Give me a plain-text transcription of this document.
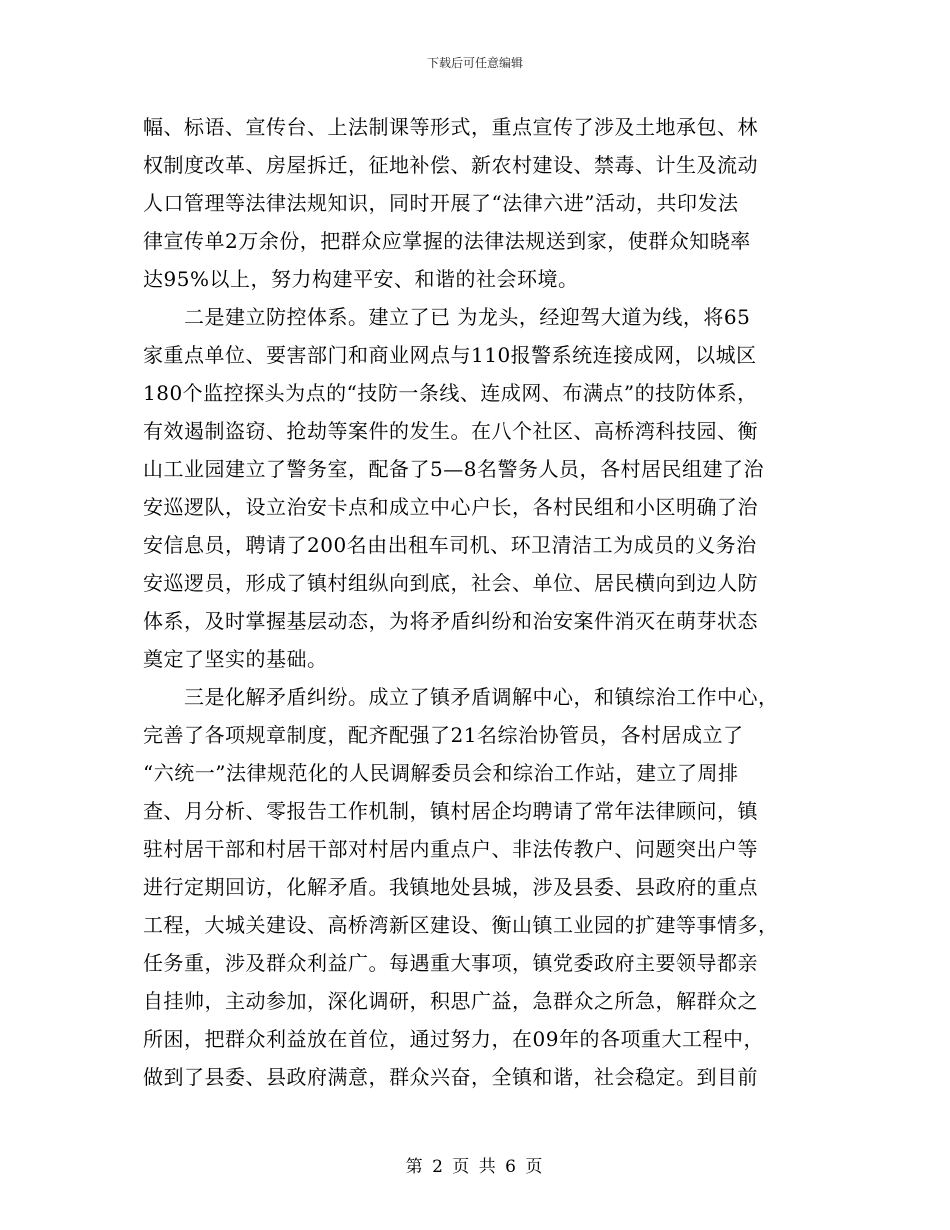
下载后可任意编辑
幅、标语、宣传台、上法制课等形式，重点宣传了涉及土地承包、林
权制度改革、房屋拆迁，征地补偿、新农村建设、禁毒、计生及流动
人口管理等法律法规知识，同时开展了“法律六进”活动，共印发法
律宣传单2万余份，把群众应掌握的法律法规送到家，使群众知晓率
达95%以上，努力构建平安、和谐的社会环境。
　　二是建立防控体系。建立了已 为龙头，经迎驾大道为线，将65
家重点单位、要害部门和商业网点与110报警系统连接成网，以城区
180个监控探头为点的“技防一条线、连成网、布满点”的技防体系，
有效遏制盗窃、抢劫等案件的发生。在八个社区、高桥湾科技园、衡
山工业园建立了警务室，配备了5—8名警务人员，各村居民组建了治
安巡逻队，设立治安卡点和成立中心户长，各村民组和小区明确了治
安信息员，聘请了200名由出租车司机、环卫清洁工为成员的义务治
安巡逻员，形成了镇村组纵向到底，社会、单位、居民横向到边人防
体系，及时掌握基层动态，为将矛盾纠纷和治安案件消灭在萌芽状态
奠定了坚实的基础。
　　三是化解矛盾纠纷。成立了镇矛盾调解中心，和镇综治工作中心，
完善了各项规章制度，配齐配强了21名综治协管员，各村居成立了
“六统一”法律规范化的人民调解委员会和综治工作站，建立了周排
查、月分析、零报告工作机制，镇村居企均聘请了常年法律顾问，镇
驻村居干部和村居干部对村居内重点户、非法传教户、问题突出户等
进行定期回访，化解矛盾。我镇地处县城，涉及县委、县政府的重点
工程，大城关建设、高桥湾新区建设、衡山镇工业园的扩建等事情多，
任务重，涉及群众利益广。每遇重大事项，镇党委政府主要领导都亲
自挂帅，主动参加，深化调研，积思广益，急群众之所急，解群众之
所困，把群众利益放在首位，通过努力，在09年的各项重大工程中，
做到了县委、县政府满意，群众兴奋，全镇和谐，社会稳定。到目前
第 2 页 共 6 页
